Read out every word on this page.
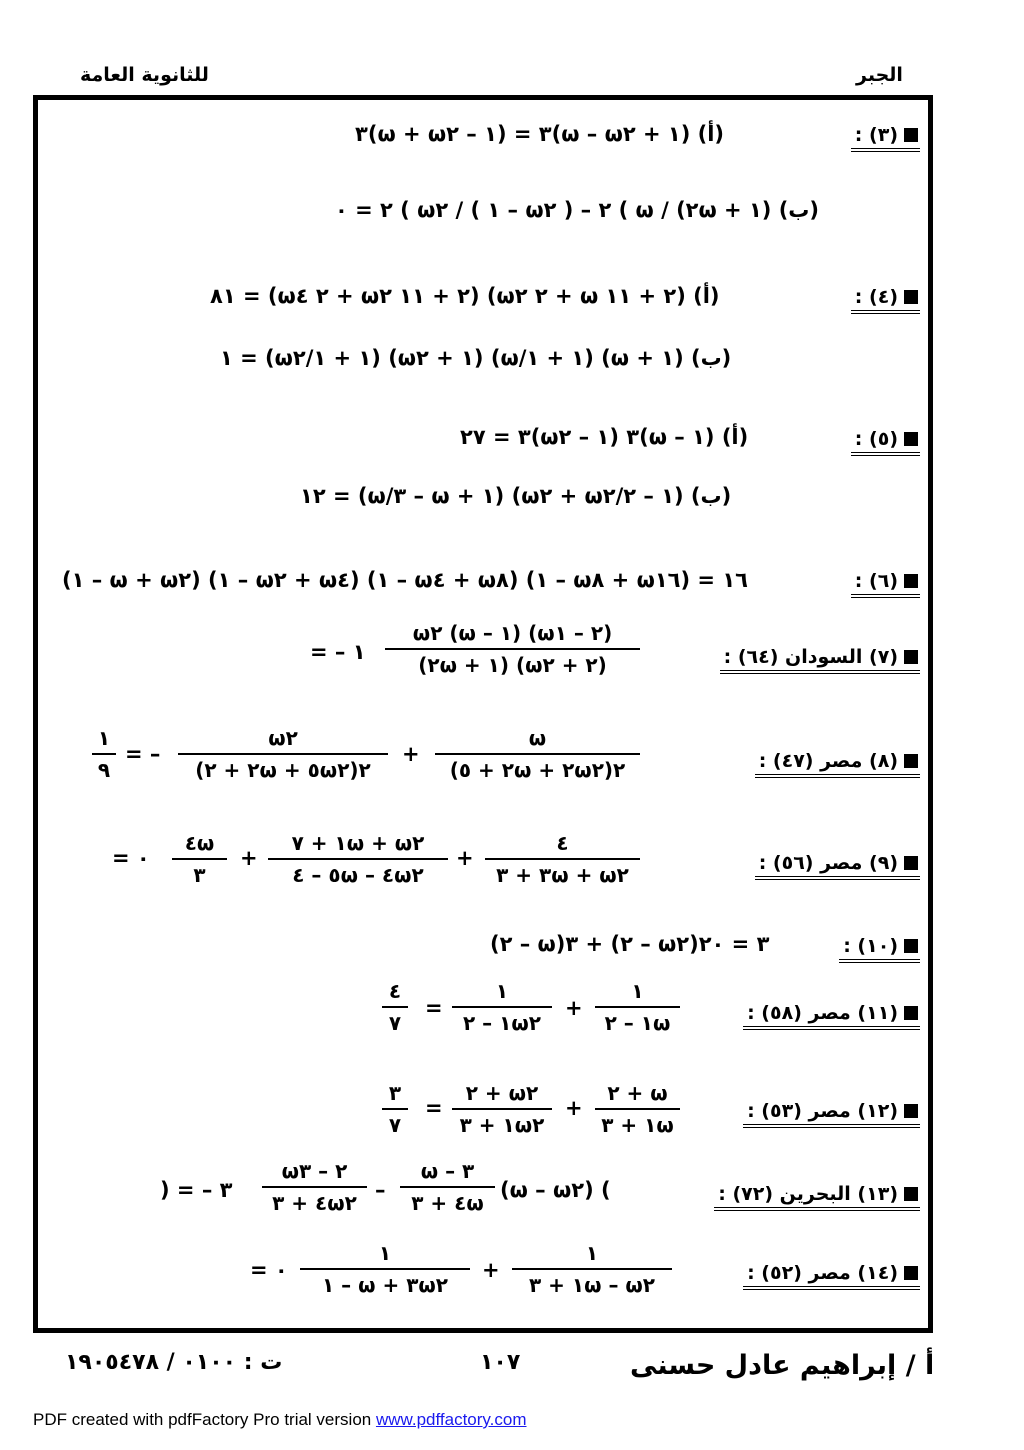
للثانوية العامة	الجبر
(٣) :
(أ) (١ + ω – ω٢)٣ = (١ – ω + ω٢)٣
(ب) (١ + ٢ω) / ω ) ٢ – ( ω٢ – ١ ) / ω٢ ) ٢ = ٠
(٤) :
(أ) (٢ + ١١ ω + ٢ ω٢) (٢ + ١١ ω٢ + ٢ ω٤) = ٨١
(ب) (١ + ω) (١ + ١/ω) (١ + ω٢) (١ + ١/ω٢) = ١
(٥) :
(أ) (١ – ω)٣ (١ – ω٢)٣ = ٢٧
(ب) (١ – ٢/ω٢ + ω٢) (١ + ω – ٣/ω) = ١٢
(٦) :
(١ – ω + ω٢) (١ – ω٢ + ω٤) (١ – ω٤ + ω٨) (١ – ω٨ + ω١٦) = ١٦
(٧) السودان (٦٤) :
ω٢ (ω – ١) (ω٢ – ١)
(٢ω + ١) (ω٢ + ٢)
= – ١
(٨) مصر (٤٧) :
ω
(٢ + ٥ω + ٢ω٢)٢
+
ω٢
(٢ + ٢ω + ٥ω٢)٢
= –
١
٩
(٩) مصر (٥٦) :
٤
٣ + ٣ω + ω٢
+
١ + ٧ω + ω٢
٥ – ٤ω – ٤ω٢
+
٤ω
٣
= ٠
(١٠) :
(٢ – ω)٣ + (٢ – ω٢)٣ = ٢٠
(١١) مصر (٥٨) :
١
١ – ٢ω
+
١
١ – ٢ω٢
=
٤
٧
(١٢) مصر (٥٣) :
٢ + ω
١ + ٣ω
+
٢ + ω٢
١ + ٣ω٢
=
٣
٧
(١٣) البحرين (٧٢) :
(ω – ω٢) (
ω – ٣
٤ + ٣ω
–
ω٢ – ٣
٤ + ٣ω٢
) = – ٣
(١٤) مصر (٥٢) :
١
١ + ٣ω – ω٢
+
١
١ – ω + ٣ω٢
= ٠
ت : ٠١٠٠ / ١٩٠٥٤٧٨	١٠٧	أ / إبراهيم عادل حسنى
PDF created with pdfFactory Pro trial version www.pdffactory.com
